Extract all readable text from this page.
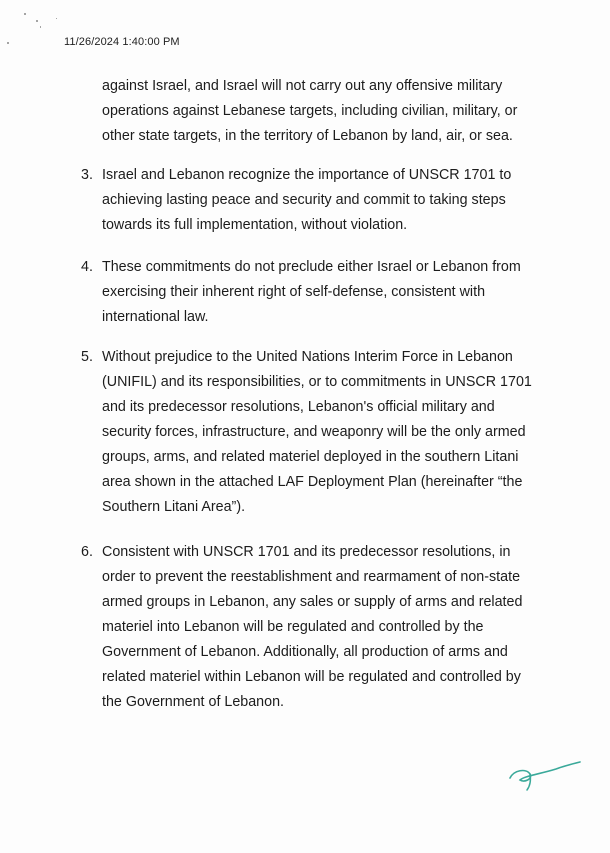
11/26/2024 1:40:00 PM
against Israel, and Israel will not carry out any offensive military operations against Lebanese targets, including civilian, military, or other state targets, in the territory of Lebanon by land, air, or sea.
3. Israel and Lebanon recognize the importance of UNSCR 1701 to achieving lasting peace and security and commit to taking steps towards its full implementation, without violation.
4. These commitments do not preclude either Israel or Lebanon from exercising their inherent right of self-defense, consistent with international law.
5. Without prejudice to the United Nations Interim Force in Lebanon (UNIFIL) and its responsibilities, or to commitments in UNSCR 1701 and its predecessor resolutions, Lebanon's official military and security forces, infrastructure, and weaponry will be the only armed groups, arms, and related materiel deployed in the southern Litani area shown in the attached LAF Deployment Plan (hereinafter “the Southern Litani Area”).
6. Consistent with UNSCR 1701 and its predecessor resolutions, in order to prevent the reestablishment and rearmament of non-state armed groups in Lebanon, any sales or supply of arms and related materiel into Lebanon will be regulated and controlled by the Government of Lebanon. Additionally, all production of arms and related materiel within Lebanon will be regulated and controlled by the Government of Lebanon.
